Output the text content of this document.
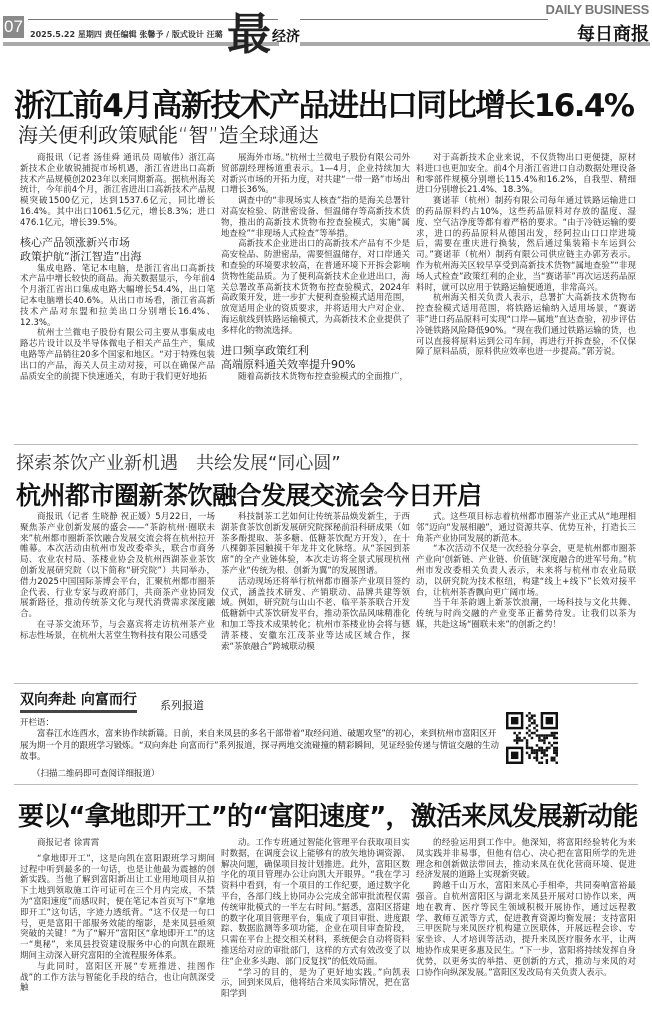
07 2025.5.22 星期四 责任编辑 张馨予 / 版式设计 汪璐 最 经济
DAILY BUSINESS
每日商报
浙江前4月高新技术产品进出口同比增长16.4%
海关便利政策赋能“智”造全球通达

商报讯（记者 汤佳舜 通讯员 周敏伟）浙江高新技术企业敏锐捕捉市场机遇，浙江省进出口高新技术产品规模创2023年以来同期新高。据杭州海关统计，今年前4个月，浙江省进出口高新技术产品规模突破1500亿元，达到1537.6亿元，同比增长16.4%。其中出口1061.5亿元，增长8.3%；进口476.1亿元，增长39.5%。

核心产品领涨新兴市场
政策护航“浙江智造”出海

集成电路、笔记本电脑，是浙江省出口高新技术产品中增长较快的商品。海关数据显示，今年前4个月浙江省出口集成电路大幅增长54.4%，出口笔记本电脑增长40.6%。从出口市场看，浙江省高新技术产品对东盟和拉美出口分别增长16.4%、12.3%。

杭州士兰微电子股份有限公司主要从事集成电路芯片设计以及半导体微电子相关产品生产，集成电路等产品销往20多个国家和地区。“对于特殊包装出口的产品，海关人员主动对接，可以在确保产品品质安全的前提下快速通关，有助于我们更好地拓

展海外市场。”杭州士兰微电子股份有限公司外贸部副经理杨道重表示。1—4月，企业持续加大对新兴市场的开拓力度，对共建“一带一路”市场出口增长36%。

调查中的“非现场实人核查”指的是海关总署针对高安检验、防泄密设备、恒温储存等高新技术货物，推出的高新技术货物布控查验模式，实施“属地查检”“非现场人式检查”等举措。

高新技术企业进出口的高新技术产品有不少是高安检品、防泄密品，需要恒温储存，对口岸通关和查验的环境要求较高，在普通环境下开拆会影响货物性能品质。为了便利高新技术企业进出口，海关总署改革高新技术货物布控查验模式，2024年高政策开发，进一步扩大便利查验模式适用范围，放宽适用企业的资质要求，并将适用大户对企业、海运航线到铁路运输模式，为高新技术企业提供了多样化的物流选择。

进口频享政策红利
高端原料通关效率提升90%

随着高新技术货物布控查验模式的全面推广，

对于高新技术企业来说，不仅货物出口更便捷，原材料进口也更加安全。前4个月浙江省进口自动数据处理设备和零部件规模分别增长115.4%和16.2%，自我型、精细进口分别增长21.4%、18.3%。

赛诺菲（杭州）制药有限公司每年通过铁路运输进口的药品原料约占10%，这些药品原料对存放的温度、湿度、空气洁净度等都有着严格的要求。“由于冷链运输的要求，进口的药品原料从德国出发，经阿拉山口口岸进境后，需要在重庆进行换装，然后通过集装箱卡车运到公司。”赛诺菲（杭州）制药有限公司供应链主办郭芳表示。作为杭州海关区较早享受到高新技术货物“属地查验”“非现场人式检查”政策红利的企业，当“赛诺菲”再次运送药品原料时，就可以应用于铁路运输便通道，非常高兴。

杭州海关相关负责人表示，总署扩大高新技术货物布控查验模式适用范围，将铁路运输纳入适用场景，“赛诺菲”进口药品原料可实现“口岸—属地”直达查验，初步评估冷链铁路风险降低90%。“现在我们通过铁路运输的货，也可以直接将原料运到公司车间，再进行开拆查验，不仅保障了原料品质，原料供应效率也进一步提高。”郭芳说。

探索茶饮产业新机遇　共绘发展“同心圆”
杭州都市圈新茶饮融合发展交流会今日开启

商报讯（记者 生晓静 祝正媛）5月22日，一场聚焦茶产业创新发展的盛会——“茶韵杭州·圈联未来”杭州都市圈新茶饮融合发展交流会将在杭州拉开帷幕。本次活动由杭州市发改委牵头，联合市商务局、农业农村局、茶楼业协会及杭州西湖茶业茶饮创新发展研究院（以下简称“研究院”）共同举办，借力2025中国国际茶博会平台，汇聚杭州都市圈茶企代表、行业专家与政府部门，共商茶产业协同发展新路径，推动传统茶文化与现代消费需求深度融合。

在寻茶交流环节，与会嘉宾将走访杭州茶产业标志性场景，在杭州大茗堂生物科技有限公司感受

科技制茶工艺如何让传统茶品焕发新生，于西湖茶食茶饮创新发展研究院探秘前沿科研成果（如茶多酚提取、茶多糖、低糖茶饮配方开发），在十八棵御茶园触摸千年龙井文化脉络。从“茶园到茶席”的全产业链体验，本次走访将全景式展现杭州茶产业“传统为根、创新为翼”的发展图谱。

活动现场还将举行杭州都市圈茶产业项目签约仪式，涵盖技术研发、产销联动、品牌共建等领域。例如，研究院与山山不老、临平茶茶联合开发低糖新中式茶饮研发平台，推动茶饮品风味精准化和加工等技术成果转化；杭州市茶楼业协会将与德清茶楼、安徽东江茂茶业等达成区域合作，探索“茶旅融合”跨城联动模

式。这些项目标志着杭州都市圈茶产业正式从“地理相邻”迈向“发展相融”，通过资源共享、优势互补，打造长三角茶产业协同发展的新范本。

“本次活动不仅是一次经验分享会，更是杭州都市圈茶产业向‘创新链、产业链、价值链’深度融合的进军号角。”杭州市发改委相关负责人表示，未来将与杭州市农业局联动，以研究院为技术枢纽，构建“线上+线下”长效对接平台，让杭州茶香飘向更广阔市场。

当千年茶韵遇上新茶饮浪潮，一场科技与文化共舞、传统与时尚交融的产业变革正蓄势待发。让我们以茶为媒，共赴这场“圈联未来”的创新之约！

双向奔赴 向富而行 系列报道
开栏语：
富春江水连酉水，富来协作续新篇。日前，来自来凤县的多名干部带着“取经问道、破题攻坚”的初心，来到杭州市富阳区开展为期一个月的跟班学习锻炼。“双向奔赴 向富而行”系列报道，探寻两地交流碰撞的精彩瞬间，见证经验传递与情谊交融的生动故事。
（扫描二维码即可查阅详细报道）
要以“拿地即开工”的“富阳速度”，激活来凤发展新动能

商报记者 徐霄霄

“拿地即开工”，这是向凯在富阳跟班学习期间过程中听到最多的一句话，也是让他最为震撼的创新实践。当他了解到富阳新出让工业用地项目从拍下土地到领取施工许可证可在三个月内完成，不禁为“富阳速度”而感叹时，便在笔记本首页写下“拿地即开工”这句话，字迹力透纸背。“这不仅是一句口号，更是富阳干部服务效能的缩影，是来凤县亟须突破的关键！”为了“解开”富阳区“拿地即开工”的这一“奥秘”，来凤县投资建设服务中心的向凯在跟班期间主动深入研究富阳的全流程服务体系。

与此同时，富阳区开展“专班推进、挂图作战”的工作方法与智能化手段的结合，也让向凯深受触

动。工作专班通过智能化管理平台获取项目实时数据，在调度会议上能够有的放矢地协调资源、解决问题，确保项目按计划推进。此外，富阳区数字化的项目管理办公让向凯大开眼界。“我在学习资料中看到，有一个项目的工作纪要，通过数字化平台，各部门线上协同办公完成全部审批流程仅需传统审批模式的一半左右时间。”据悉，富阳区搭建的数字化项目管理平台，集成了项目审批、进度跟踪、数据监测等多项功能，企业在项目审查阶段，只需在平台上提交相关材料，系统便会自动将资料推送给对应的审批部门，这样的方式有效改变了以往“企业多头跑、部门反复找”的低效局面。

“学习的目的，是为了更好地实践。”向凯表示，回到来凤后，他将结合来凤实际情况，把在富阳学到

的经验运用到工作中。他深知，将富阳经验转化为来凤实践并非易事，但他有信心、决心把在富阳所学的先进理念和创新做法带回去，推动来凤在优化营商环境、促进经济发展的道路上实现新突破。

跨越千山万水，富阳来凤心手相牵，共同奏响富裕最强音。自杭州富阳区与湖北来凤县开展对口协作以来，两地在教育、医疗等民生领域积极开展协作，通过远程教学、教师互派等方式，促进教育资源均衡发展；支持富阳三甲医院与来凤医疗机构建立医联体，开展远程会诊、专家坐诊、人才培训等活动，提升来凤医疗服务水平，让两地协作成果更多惠及民生。“下一步，富阳将持续发挥自身优势，以更务实的举措、更创新的方式，推动与来凤的对口协作向纵深发展。”富阳区发改局有关负责人表示。
